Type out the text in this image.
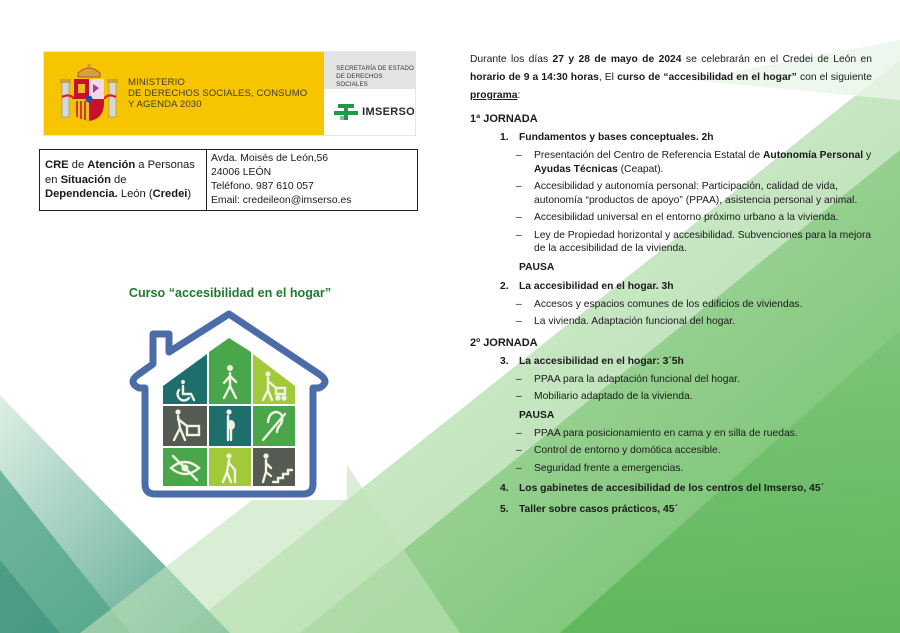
MINISTERIO
DE DERECHOS SOCIALES, CONSUMO
Y AGENDA 2030
SECRETARÍA DE ESTADO
DE DERECHOS SOCIALES
IMSERSO
CRE de Atención a Personas en Situación de
Dependencia. León (Credei)
Avda. Moisés de León,56
24006 LEÓN
Teléfono. 987 610 057
Email: credeileon@imserso.es
Curso “accesibilidad en el hogar”

Durante los días 27 y 28 de mayo de 2024 se celebrarán en el Credei de León en horario de 9 a 14:30 horas, El curso de “accesibilidad en el hogar” con el siguiente programa:

1ª JORNADA
1.	Fundamentos y bases conceptuales. 2h
–	Presentación del Centro de Referencia Estatal de Autonomía Personal y Ayudas Técnicas (Ceapat).
–	Accesibilidad y autonomía personal: Participación, calidad de vida, autonomía “productos de apoyo” (PPAA), asistencia personal y animal.
–	Accesibilidad universal en el entorno próximo urbano a la vivienda.
–	Ley de Propiedad horizontal y accesibilidad. Subvenciones para la mejora de la accesibilidad de la vivienda.
PAUSA
2.	La accesibilidad en el hogar. 3h
–	Accesos y espacios comunes de los edificios de viviendas.
–	La vivienda. Adaptación funcional del hogar.
2º JORNADA
3.	La accesibilidad en el hogar: 3´5h
–	PPAA para la adaptación funcional del hogar.
–	Mobiliario adaptado de la vivienda.
PAUSA
–	PPAA para posicionamiento en cama y en silla de ruedas.
–	Control de entorno y domótica accesible.
–	Seguridad frente a emergencias.
4.	Los gabinetes de accesibilidad de los centros del Imserso, 45´
5.	Taller sobre casos prácticos, 45´
